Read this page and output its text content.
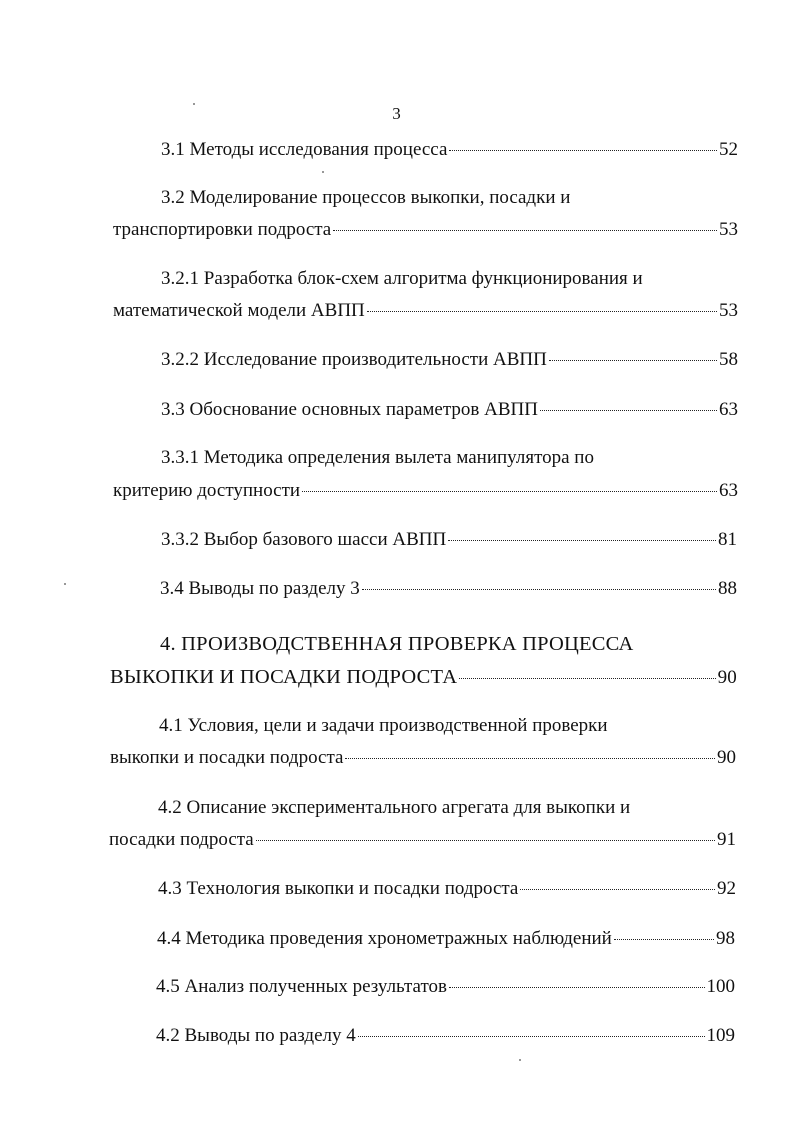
3
3.1 Методы исследования процесса	52
3.2 Моделирование процессов выкопки, посадки и
транспортировки подроста	53
3.2.1 Разработка блок-схем алгоритма функционирования и
математической модели АВПП	53
3.2.2 Исследование производительности АВПП	58
3.3 Обоснование основных параметров АВПП	63
3.3.1 Методика определения вылета манипулятора по
критерию доступности	63
3.3.2 Выбор базового шасси АВПП	81
3.4 Выводы по разделу 3	88
4. ПРОИЗВОДСТВЕННАЯ ПРОВЕРКА ПРОЦЕССА
ВЫКОПКИ И ПОСАДКИ ПОДРОСТА	90
4.1 Условия, цели и задачи производственной проверки
выкопки и посадки подроста	90
4.2 Описание экспериментального агрегата для выкопки и
посадки подроста	91
4.3 Технология выкопки и посадки подроста	92
4.4 Методика проведения хронометражных наблюдений	98
4.5 Анализ полученных результатов	100
4.2 Выводы по разделу 4	109
